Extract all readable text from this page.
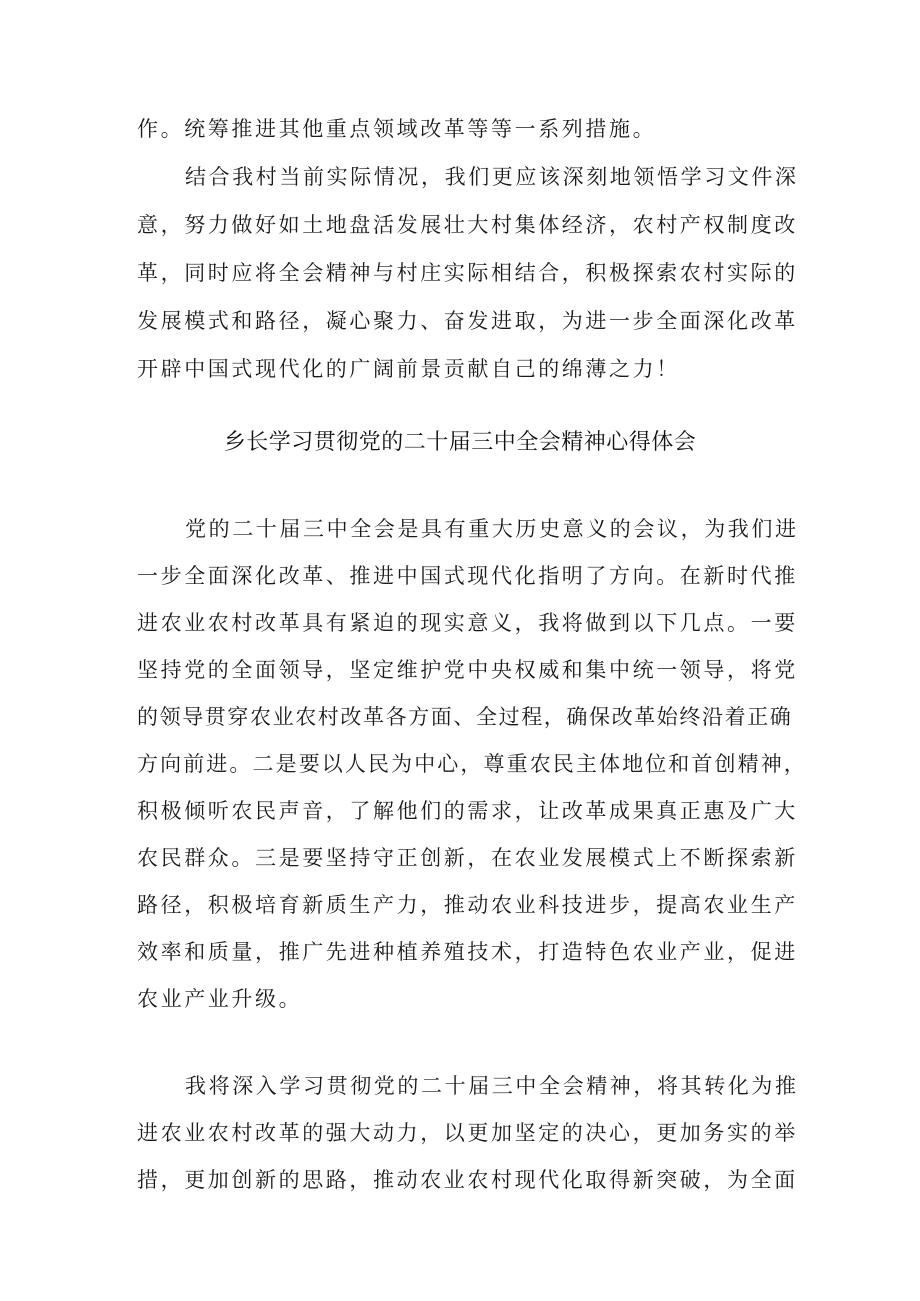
作。统筹推进其他重点领域改革等等一系列措施。
结合我村当前实际情况，我们更应该深刻地领悟学习文件深
意，努力做好如土地盘活发展壮大村集体经济，农村产权制度改
革，同时应将全会精神与村庄实际相结合，积极探索农村实际的
发展模式和路径，凝心聚力、奋发进取，为进一步全面深化改革
开辟中国式现代化的广阔前景贡献自己的绵薄之力！
乡长学习贯彻党的二十届三中全会精神心得体会
党的二十届三中全会是具有重大历史意义的会议，为我们进
一步全面深化改革、推进中国式现代化指明了方向。在新时代推
进农业农村改革具有紧迫的现实意义，我将做到以下几点。一要
坚持党的全面领导，坚定维护党中央权威和集中统一领导，将党
的领导贯穿农业农村改革各方面、全过程，确保改革始终沿着正确
方向前进。二是要以人民为中心，尊重农民主体地位和首创精神，
积极倾听农民声音，了解他们的需求，让改革成果真正惠及广大
农民群众。三是要坚持守正创新，在农业发展模式上不断探索新
路径，积极培育新质生产力，推动农业科技进步，提高农业生产
效率和质量，推广先进种植养殖技术，打造特色农业产业，促进
农业产业升级。
我将深入学习贯彻党的二十届三中全会精神，将其转化为推
进农业农村改革的强大动力，以更加坚定的决心，更加务实的举
措，更加创新的思路，推动农业农村现代化取得新突破，为全面
